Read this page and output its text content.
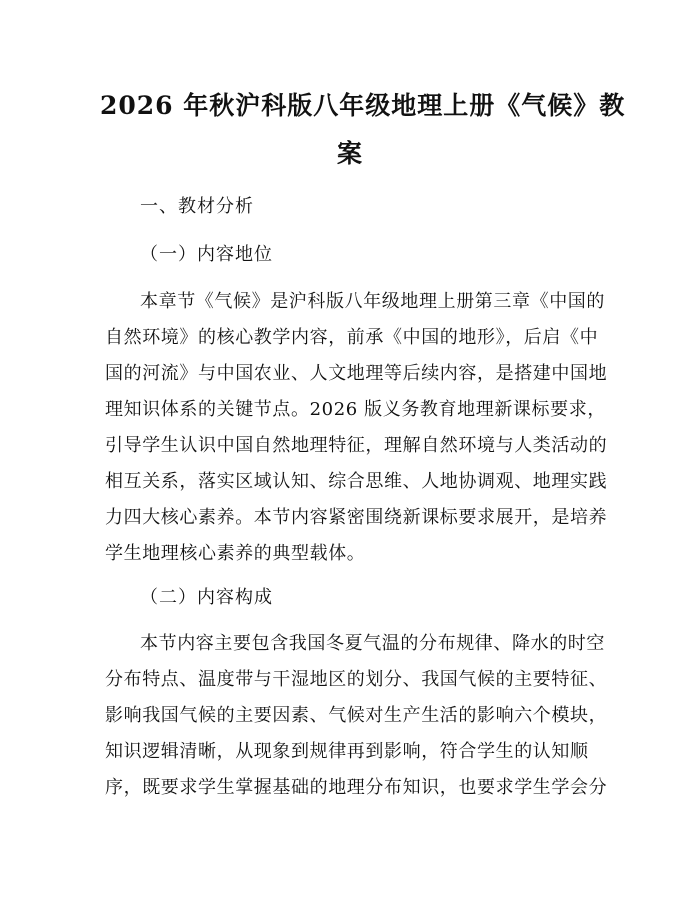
2026 年秋沪科版八年级地理上册《气候》教
案
一、教材分析
（一）内容地位
本章节《气候》是沪科版八年级地理上册第三章《中国的
自然环境》的核心教学内容，前承《中国的地形》，后启《中
国的河流》与中国农业、人文地理等后续内容，是搭建中国地
理知识体系的关键节点。2026 版义务教育地理新课标要求，
引导学生认识中国自然地理特征，理解自然环境与人类活动的
相互关系，落实区域认知、综合思维、人地协调观、地理实践
力四大核心素养。本节内容紧密围绕新课标要求展开，是培养
学生地理核心素养的典型载体。
（二）内容构成
本节内容主要包含我国冬夏气温的分布规律、降水的时空
分布特点、温度带与干湿地区的划分、我国气候的主要特征、
影响我国气候的主要因素、气候对生产生活的影响六个模块，
知识逻辑清晰，从现象到规律再到影响，符合学生的认知顺
序，既要求学生掌握基础的地理分布知识，也要求学生学会分
